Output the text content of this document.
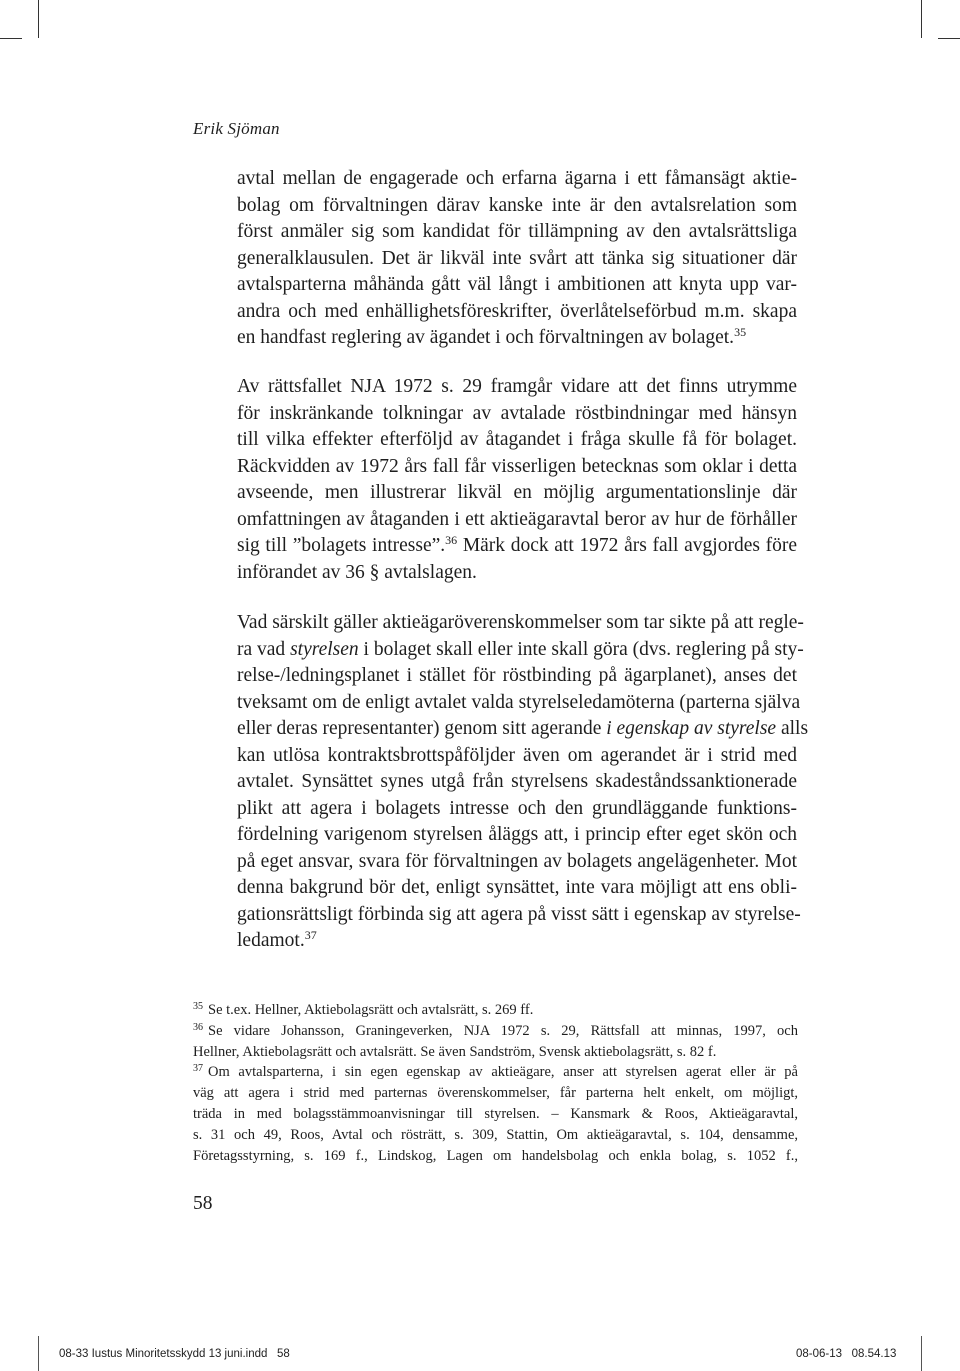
Erik Sjöman

avtal mellan de engagerade och erfarna ägarna i ett fåmansägt aktie-
bolag om förvaltningen därav kanske inte är den avtalsrelation som
först anmäler sig som kandidat för tillämpning av den avtalsrättsliga
generalklausulen. Det är likväl inte svårt att tänka sig situationer där
avtalsparterna måhända gått väl långt i ambitionen att knyta upp var-
andra och med enhällighetsföreskrifter, överlåtelseförbud m.m. skapa
en handfast reglering av ägandet i och förvaltningen av bolaget.$^{35}$
Av rättsfallet NJA 1972 s. 29 framgår vidare att det finns utrymme
för inskränkande tolkningar av avtalade röstbindningar med hänsyn
till vilka effekter efterföljd av åtagandet i fråga skulle få för bolaget.
Räckvidden av 1972 års fall får visserligen betecknas som oklar i detta
avseende, men illustrerar likväl en möjlig argumentationslinje där
omfattningen av åtaganden i ett aktieägaravtal beror av hur de förhåller
sig till ”bolagets intresse”.$^{36}$ Märk dock att 1972 års fall avgjordes före
införandet av 36 § avtalslagen.
Vad särskilt gäller aktieägaröverenskommelser som tar sikte på att regle-
ra vad styrelsen i bolaget skall eller inte skall göra (dvs. reglering på sty-
relse-/ledningsplanet i stället för röstbinding på ägarplanet), anses det
tveksamt om de enligt avtalet valda styrelseledamöterna (parterna själva
eller deras representanter) genom sitt agerande i egenskap av styrelse alls
kan utlösa kontraktsbrottspåföljder även om agerandet är i strid med
avtalet. Synsättet synes utgå från styrelsens skadeståndssanktionerade
plikt att agera i bolagets intresse och den grundläggande funktions-
fördelning varigenom styrelsen åläggs att, i princip efter eget skön och
på eget ansvar, svara för förvaltningen av bolagets angelägenheter. Mot
denna bakgrund bör det, enligt synsättet, inte vara möjligt att ens obli-
gationsrättsligt förbinda sig att agera på visst sätt i egenskap av styrelse-
ledamot.$^{37}$
$^{35}$ Se t.ex. Hellner, Aktiebolagsrätt och avtalsrätt, s. 269 ff.
$^{36}$ Se vidare Johansson, Graningeverken, NJA 1972 s. 29, Rättsfall att minnas, 1997, och
Hellner, Aktiebolagsrätt och avtalsrätt. Se även Sandström, Svensk aktiebolagsrätt, s. 82 f.
$^{37}$ Om avtalsparterna, i sin egen egenskap av aktieägare, anser att styrelsen agerat eller är på
väg att agera i strid med parternas överenskommelser, får parterna helt enkelt, om möjligt,
träda in med bolagsstämmoanvisningar till styrelsen. – Kansmark & Roos, Aktieägaravtal,
s. 31 och 49, Roos, Avtal och rösträtt, s. 309, Stattin, Om aktieägaravtal, s. 104, densamme,
Företagsstyrning, s. 169 f., Lindskog, Lagen om handelsbolag och enkla bolag, s. 1052 f.,

58

08-33 Iustus Minoritetsskydd 13 juni.indd   58	08-06-13   08.54.13
